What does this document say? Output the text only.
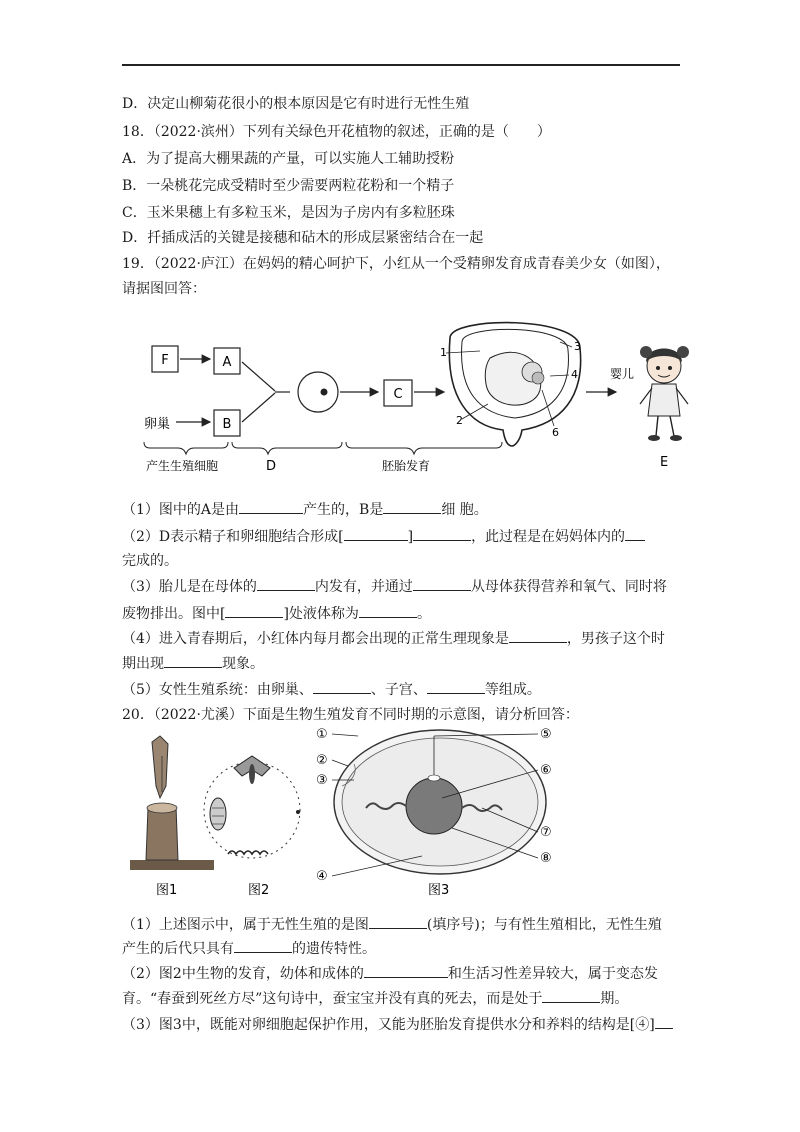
D．决定山柳菊花很小的根本原因是它有时进行无性生殖
18．（2022·滨州）下列有关绿色开花植物的叙述，正确的是（　　）
A．为了提高大棚果蔬的产量，可以实施人工辅助授粉
B．一朵桃花完成受精时至少需要两粒花粉和一个精子
C．玉米果穗上有多粒玉米，是因为子房内有多粒胚珠
D．扦插成活的关键是接穗和砧木的形成层紧密结合在一起
19．（2022·庐江）在妈妈的精心呵护下，小红从一个受精卵发育成青春美少女（如图），
请据图回答：
F	A
卵巢	B
C
1
2
3
4
6
婴儿
产生生殖细胞	D	胚胎发育	E
（1）图中的A是由	产生的，B是	细 胞。
（2）D表示精子和卵细胞结合形成[	]	，此过程是在妈妈体内的
完成的。
（3）胎儿是在母体的	内发有，并通过	从母体获得营养和氧气、同时将
废物排出。图中[	]处液体称为	。
（4）进入青春期后，小红体内每月都会出现的正常生理现象是	，男孩子这个时
期出现	现象。
（5）女性生殖系统：由卵巢、	、子宫、	等组成。
20．（2022·尤溪）下面是生物生殖发育不同时期的示意图，请分析回答：
图1	图2
①
②
③
④
⑤
⑥
⑦
⑧
图3
（1）上述图示中，属于无性生殖的是图	(填序号)；与有性生殖相比，无性生殖
产生的后代只具有	的遗传特性。
（2）图2中生物的发育，幼体和成体的	和生活习性差异较大，属于变态发
育。“春蚕到死丝方尽”这句诗中，蚕宝宝并没有真的死去，而是处于	期。
（3）图3中，既能对卵细胞起保护作用，又能为胚胎发育提供水分和养料的结构是[④]
